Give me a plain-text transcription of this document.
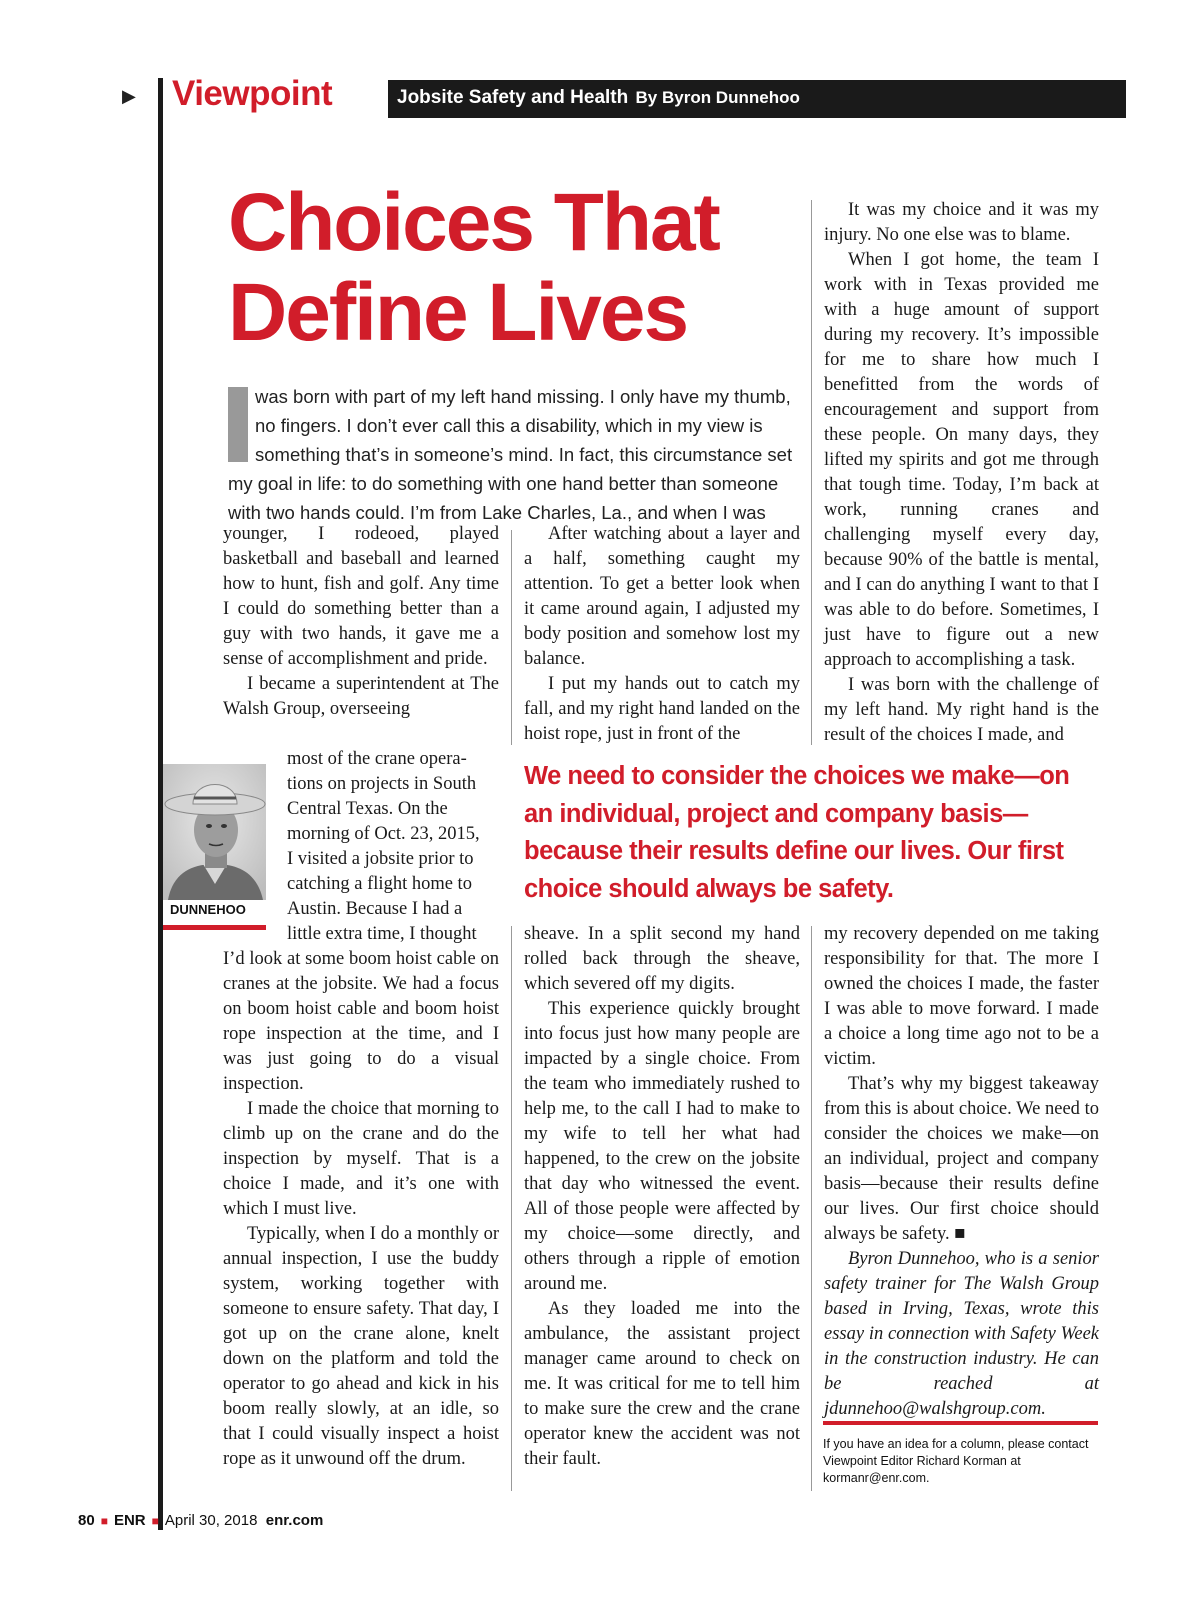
▶ Viewpoint	Jobsite Safety and Health By Byron Dunnehoo
Choices That
Define Lives
was born with part of my left hand missing. I only have my thumb,
no fingers. I don’t ever call this a disability, which in my view is
something that’s in someone’s mind. In fact, this circumstance set
my goal in life: to do something with one hand better than someone
with two hands could. I’m from Lake Charles, La., and when I was

younger, I rodeoed, played basketball and baseball and learned how to hunt, fish and golf. Any time I could do something better than a guy with two hands, it gave me a sense of accomplishment and pride.

I became a superintendent at The Walsh Group, overseeing

most of the crane opera-

tions on projects in South

Central Texas. On the

morning of Oct. 23, 2015,

I visited a jobsite prior to

catching a flight home to

Austin. Because I had a

little extra time, I thought

I’d look at some boom hoist cable on cranes at the jobsite. We had a focus on boom hoist cable and boom hoist rope inspection at the time, and I was just going to do a visual inspection.

I made the choice that morning to climb up on the crane and do the inspection by myself. That is a choice I made, and it’s one with which I must live.

Typically, when I do a monthly or annual inspection, I use the buddy system, working together with someone to ensure safety. That day, I got up on the crane alone, knelt down on the platform and told the operator to go ahead and kick in his boom really slowly, at an idle, so that I could visually inspect a hoist rope as it unwound off the drum.

DUNNEHOO

After watching about a layer and a half, something caught my attention. To get a better look when it came around again, I adjusted my body position and somehow lost my balance.

I put my hands out to catch my fall, and my right hand landed on the hoist rope, just in front of the

We need to consider the choices we make—on
an individual, project and company basis—
because their results define our lives. Our first
choice should always be safety.

sheave. In a split second my hand rolled back through the sheave, which severed off my digits.

This experience quickly brought into focus just how many people are impacted by a single choice. From the team who immediately rushed to help me, to the call I had to make to my wife to tell her what had happened, to the crew on the jobsite that day who witnessed the event. All of those people were affected by my choice—some directly, and others through a ripple of emotion around me.

As they loaded me into the ambulance, the assistant project manager came around to check on me. It was critical for me to tell him to make sure the crew and the crane operator knew the accident was not their fault.

It was my choice and it was my injury. No one else was to blame.

When I got home, the team I work with in Texas provided me with a huge amount of support during my recovery. It’s impossible for me to share how much I benefitted from the words of encouragement and support from these people. On many days, they lifted my spirits and got me through that tough time. Today, I’m back at work, running cranes and challenging myself every day, because 90% of the battle is mental, and I can do anything I want to that I was able to do before. Sometimes, I just have to figure out a new approach to accomplishing a task.

I was born with the challenge of my left hand. My right hand is the result of the choices I made, and

my recovery depended on me taking responsibility for that. The more I owned the choices I made, the faster I was able to move forward. I made a choice a long time ago not to be a victim.

That’s why my biggest takeaway from this is about choice. We need to consider the choices we make—on an individual, project and company basis—because their results define our lives. Our first choice should always be safety. ■

Byron Dunnehoo, who is a senior safety trainer for The Walsh Group based in Irving, Texas, wrote this essay in connection with Safety Week in the construction industry. He can be reached at jdunnehoo@walshgroup.com.

If you have an idea for a column, please contact Viewpoint Editor Richard Korman at kormanr@enr.com.
80 ■ ENR ■ April 30, 2018 enr.com
